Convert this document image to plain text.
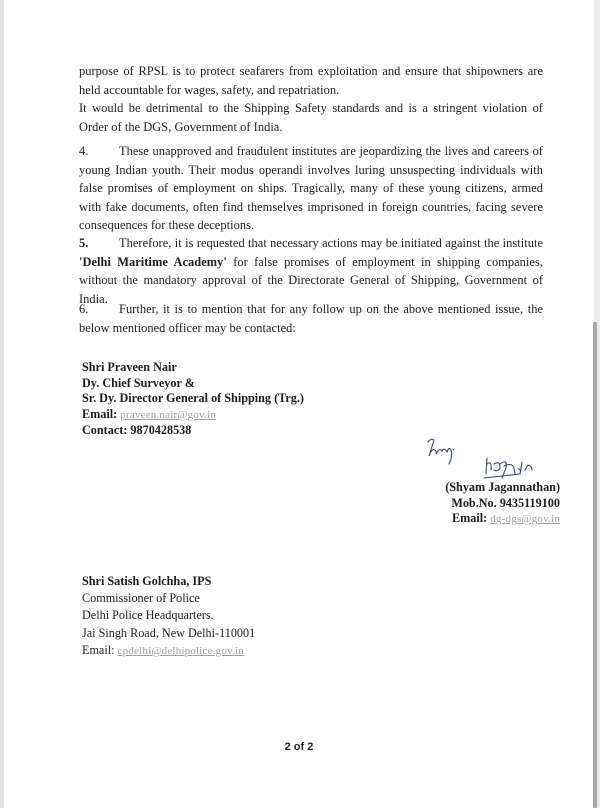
purpose of RPSL is to protect seafarers from exploitation and ensure that shipowners are held accountable for wages, safety, and repatriation.
It would be detrimental to the Shipping Safety standards and is a stringent violation of Order of the DGS, Government of India.
4. These unapproved and fraudulent institutes are jeopardizing the lives and careers of young Indian youth. Their modus operandi involves luring unsuspecting individuals with false promises of employment on ships. Tragically, many of these young citizens, armed with fake documents, often find themselves imprisoned in foreign countries, facing severe consequences for these deceptions.
5. Therefore, it is requested that necessary actions may be initiated against the institute 'Delhi Maritime Academy' for false promises of employment in shipping companies, without the mandatory approval of the Directorate General of Shipping, Government of India.
6. Further, it is to mention that for any follow up on the above mentioned issue, the below mentioned officer may be contacted:
Shri Praveen Nair
Dy. Chief Surveyor &
Sr. Dy. Director General of Shipping (Trg.)
Email: praveen.nair@gov.in
Contact: 9870428538
(Shyam Jagannathan)
Mob.No. 9435119100
Email: dg-dgs@gov.in
Shri Satish Golchha, IPS
Commissioner of Police
Delhi Police Headquarters.
Jai Singh Road, New Delhi-110001
Email: cpdelhi@delhipolice.gov.in
2 of 2
